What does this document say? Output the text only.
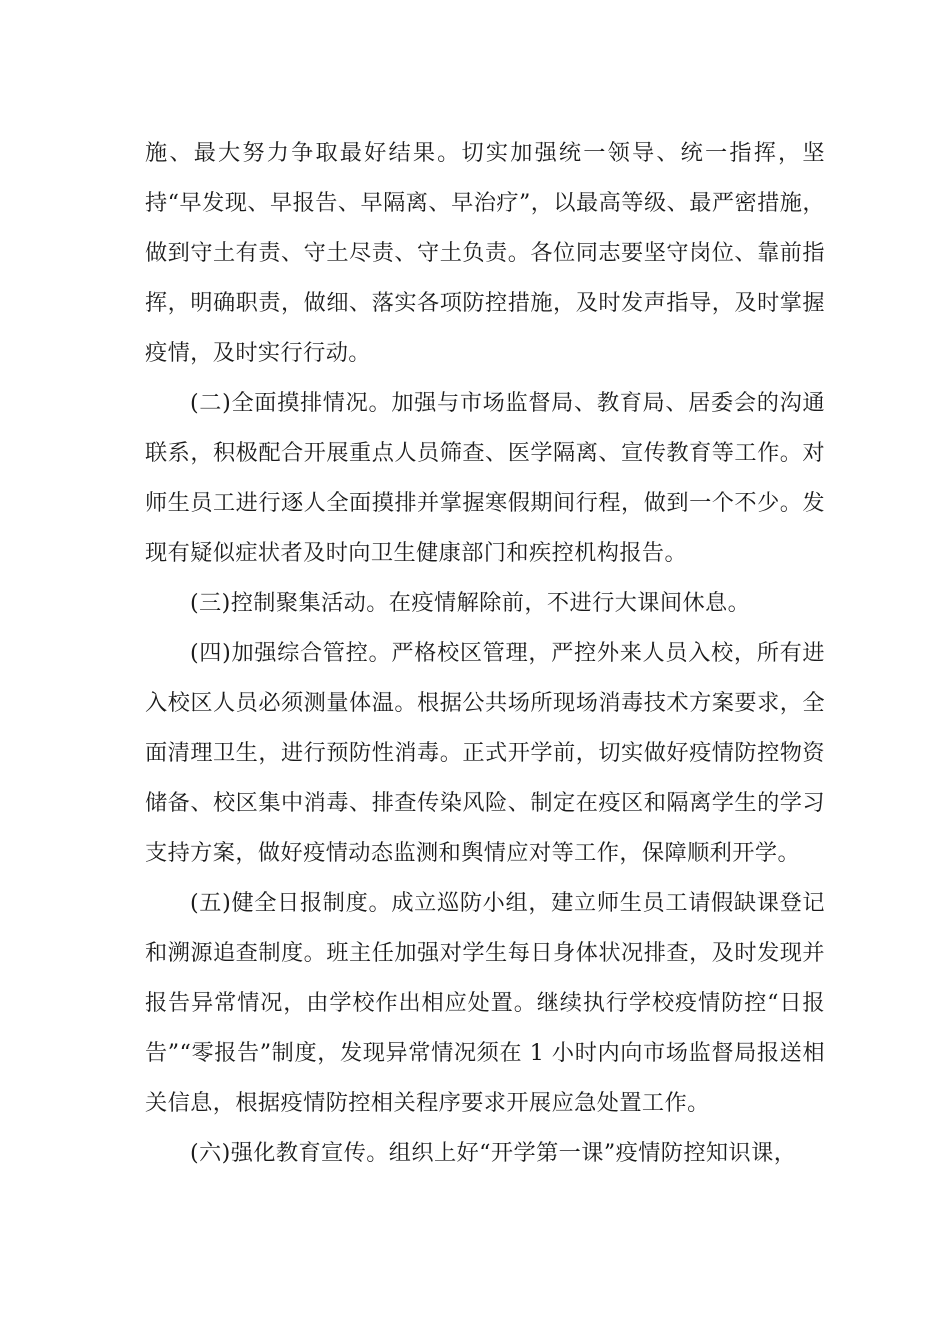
施、最大努力争取最好结果。切实加强统一领导、统一指挥，坚持“早发现、早报告、早隔离、早治疗”，以最高等级、最严密措施，做到守土有责、守土尽责、守土负责。各位同志要坚守岗位、靠前指挥，明确职责，做细、落实各项防控措施，及时发声指导，及时掌握疫情，及时实行行动。

(二)全面摸排情况。加强与市场监督局、教育局、居委会的沟通联系，积极配合开展重点人员筛查、医学隔离、宣传教育等工作。对师生员工进行逐人全面摸排并掌握寒假期间行程，做到一个不少。发现有疑似症状者及时向卫生健康部门和疾控机构报告。

(三)控制聚集活动。在疫情解除前，不进行大课间休息。

(四)加强综合管控。严格校区管理，严控外来人员入校，所有进入校区人员必须测量体温。根据公共场所现场消毒技术方案要求，全面清理卫生，进行预防性消毒。正式开学前，切实做好疫情防控物资储备、校区集中消毒、排查传染风险、制定在疫区和隔离学生的学习支持方案，做好疫情动态监测和舆情应对等工作，保障顺利开学。

(五)健全日报制度。成立巡防小组，建立师生员工请假缺课登记和溯源追查制度。班主任加强对学生每日身体状况排查，及时发现并报告异常情况，由学校作出相应处置。继续执行学校疫情防控“日报告”“零报告”制度，发现异常情况须在 1 小时内向市场监督局报送相关信息，根据疫情防控相关程序要求开展应急处置工作。

(六)强化教育宣传。组织上好“开学第一课”疫情防控知识课，
